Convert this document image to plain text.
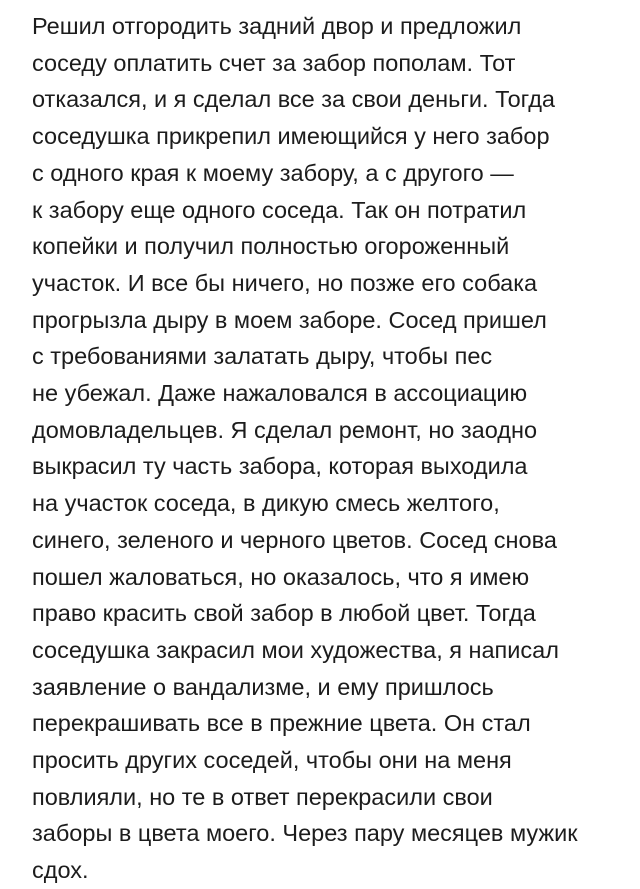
Решил отгородить задний двор и предложил
соседу оплатить счет за забор пополам. Тот
отказался, и я сделал все за свои деньги. Тогда
соседушка прикрепил имеющийся у него забор
с одного края к моему забору, а с другого —
к забору еще одного соседа. Так он потратил
копейки и получил полностью огороженный
участок. И все бы ничего, но позже его собака
прогрызла дыру в моем заборе. Сосед пришел
с требованиями залатать дыру, чтобы пес
не убежал. Даже нажаловался в ассоциацию
домовладельцев. Я сделал ремонт, но заодно
выкрасил ту часть забора, которая выходила
на участок соседа, в дикую смесь желтого,
синего, зеленого и черного цветов. Сосед снова
пошел жаловаться, но оказалось, что я имею
право красить свой забор в любой цвет. Тогда
соседушка закрасил мои художества, я написал
заявление о вандализме, и ему пришлось
перекрашивать все в прежние цвета. Он стал
просить других соседей, чтобы они на меня
повлияли, но те в ответ перекрасили свои
заборы в цвета моего. Через пару месяцев мужик
сдох.
